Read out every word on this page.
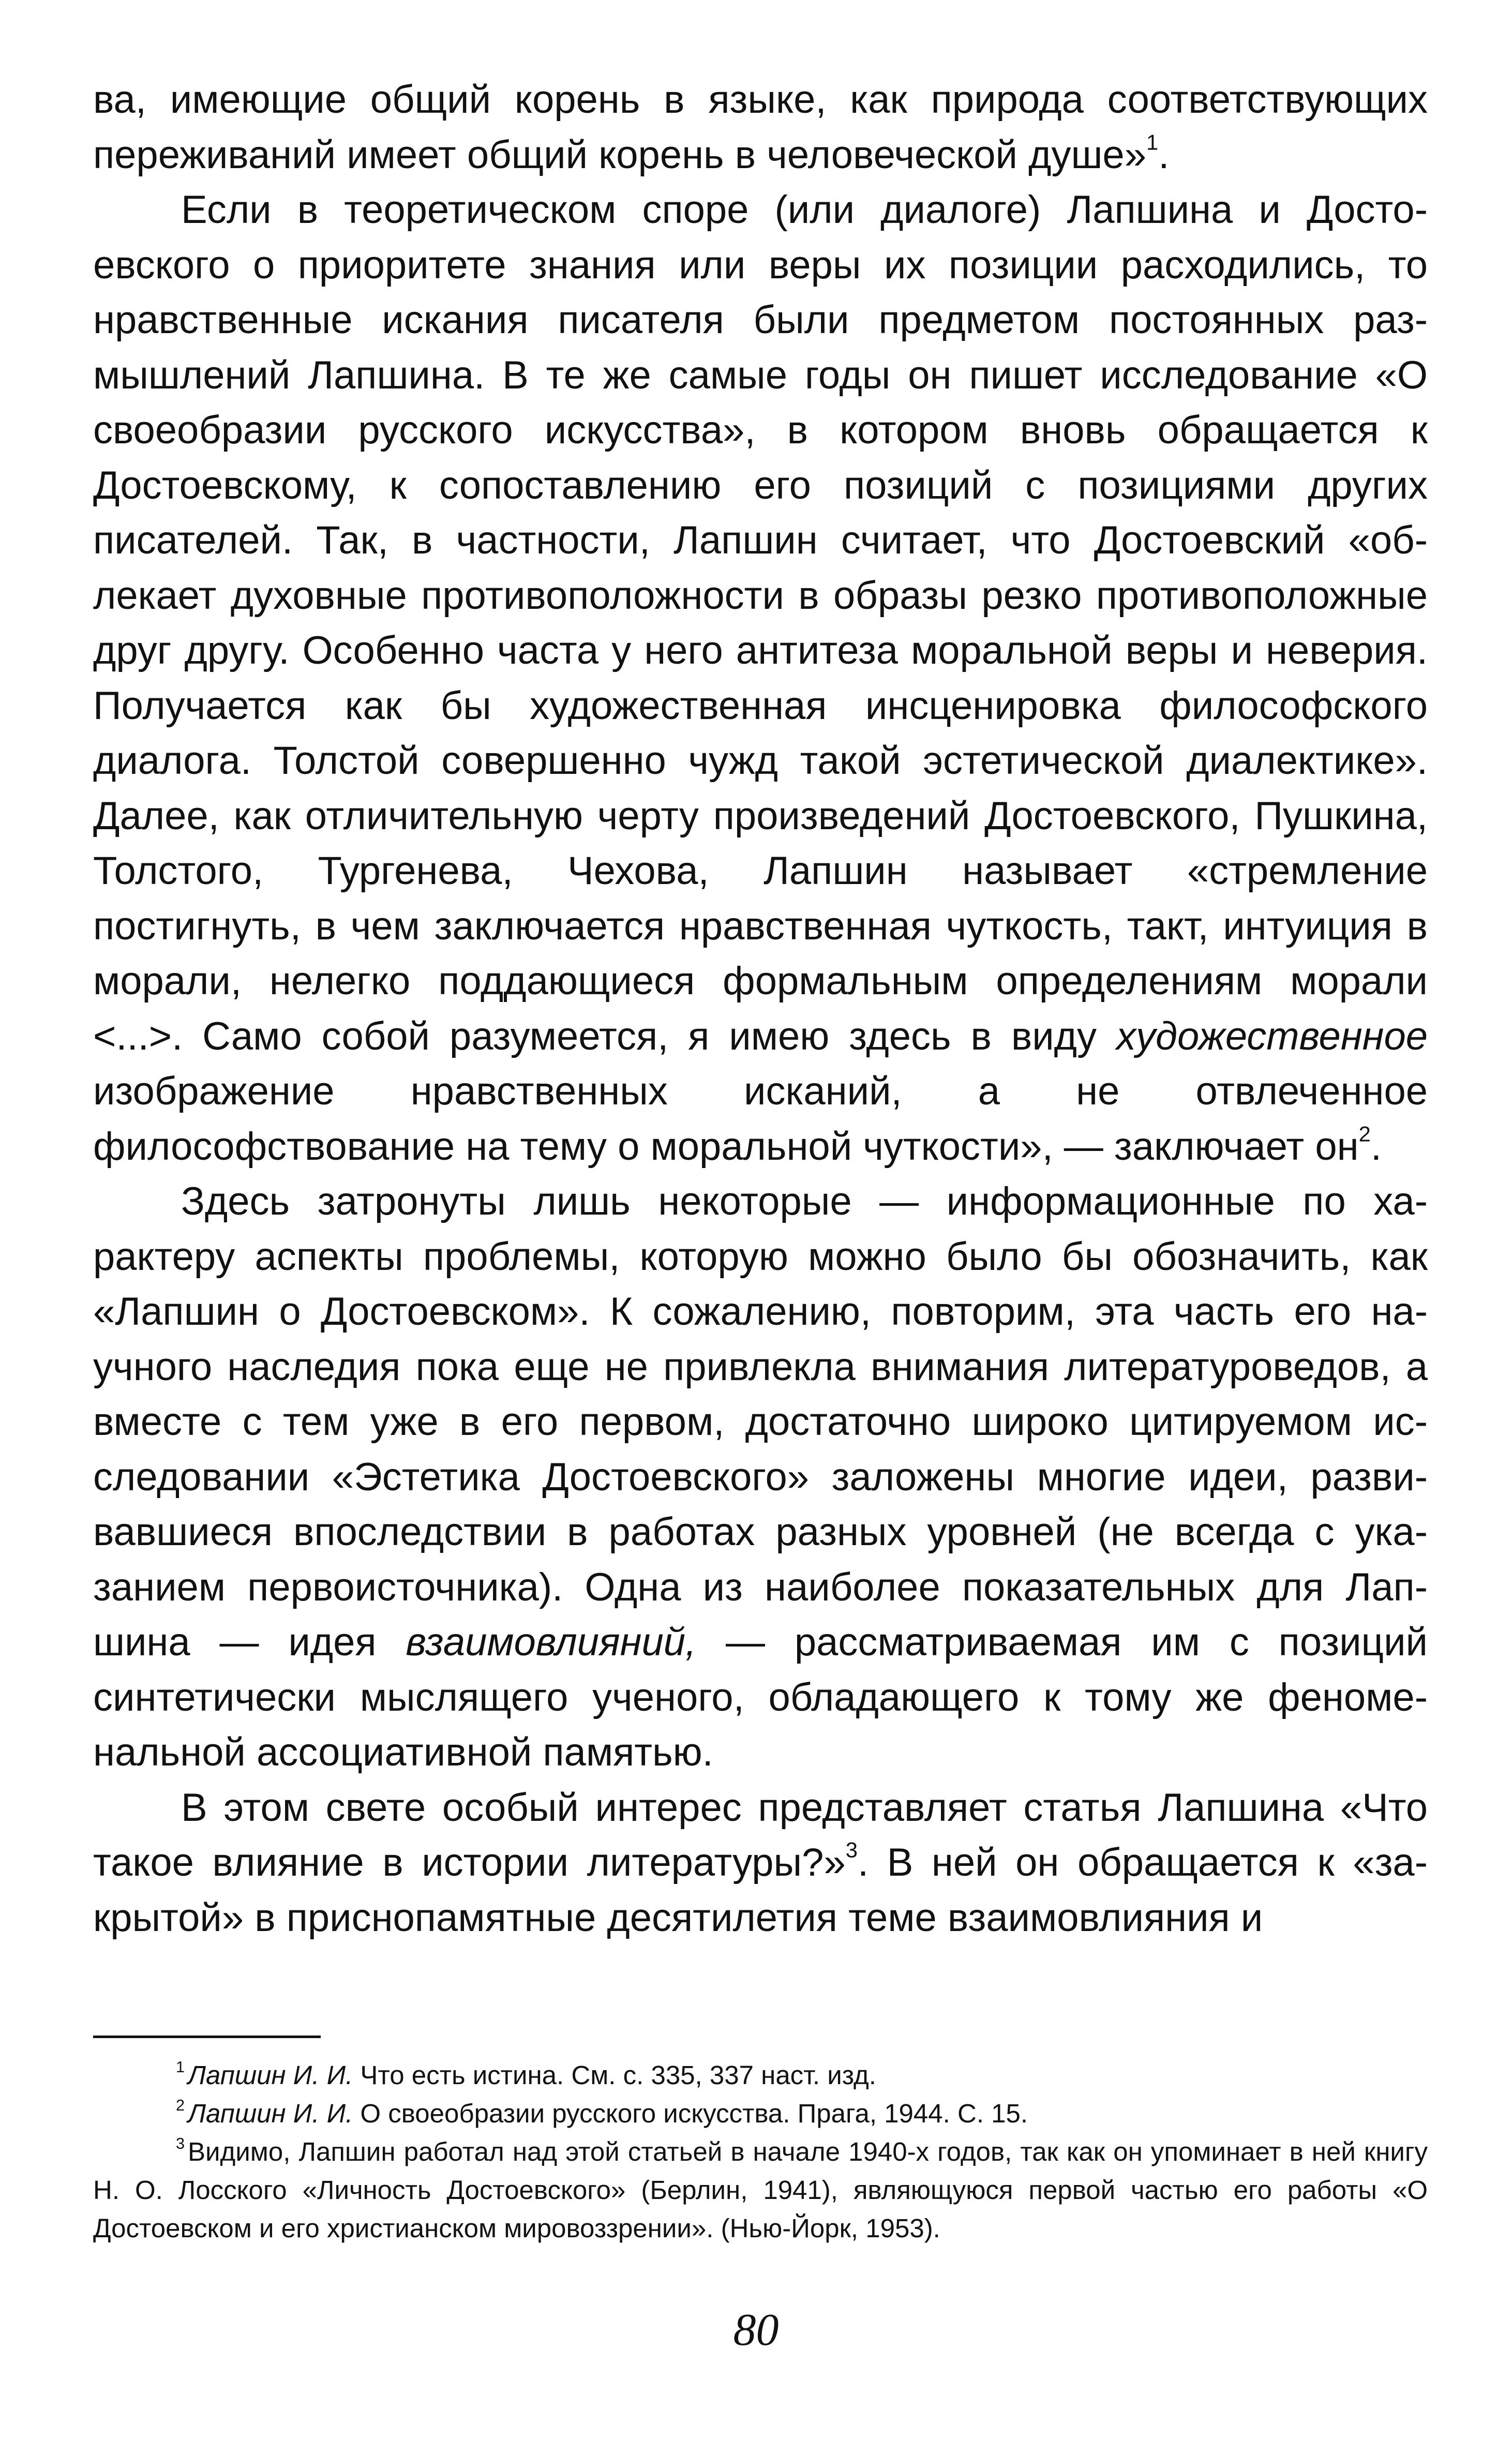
ва, имеющие общий корень в языке, как природа соответствующих переживаний имеет общий корень в человеческой душе»$^1$.

Если в теоретическом споре (или диалоге) Лапшина и Достоевского о приоритете знания или веры их позиции расходились, то нравственные искания писателя были предметом постоянных размышлений Лапшина. В те же самые годы он пишет исследование «О своеобразии русского искусства», в котором вновь обращается к Достоевскому, к сопоставлению его позиций с позициями других писателей. Так, в частности, Лапшин считает, что Достоевский «облекает духовные противоположности в образы резко противоположные друг другу. Особенно часта у него антитеза моральной веры и неверия. Получается как бы художественная инсценировка философского диалога. Толстой совершенно чужд такой эстетической диалектике». Далее, как отличительную черту произведений Достоевского, Пушкина, Толстого, Тургенева, Чехова, Лапшин называет «стремление постигнуть, в чем заключается нравственная чуткость, такт, интуиция в морали, нелегко поддающиеся формальным определениям морали <...>. Само собой разумеется, я имею здесь в виду художественное изображение нравственных исканий, а не отвлеченное философствование на тему о моральной чуткости», — заключает $он^2$.

Здесь затронуты лишь некоторые — информационные по характеру аспекты проблемы, которую можно было бы обозначить, как «Лапшин о Достоевском». К сожалению, повторим, эта часть его научного наследия пока еще не привлекла внимания литературоведов, а вместе с тем уже в его первом, достаточно широко цитируемом исследовании «Эстетика Достоевского» заложены многие идеи, развивавшиеся впоследствии в работах разных уровней (не всегда с указанием первоисточника). Одна из наиболее показательных для Лапшина — идея взаимовлияний, — рассматриваемая им с позиций синтетически мыслящего ученого, обладающего к тому же феноменальной ассоциативной памятью.

В этом свете особый интерес представляет статья Лапшина «Что такое влияние в истории литературы?»$^3$. В ней он обращается к «закрытой» в приснопамятные десятилетия теме взаимовлияния и

$^1$ Лапшин И. И. Что есть истина. См. с. 335, 337 наст. изд.

$^2$ Лапшин И. И. О своеобразии русского искусства. Прага, 1944. С. 15.

$^3$ Видимо, Лапшин работал над этой статьей в начале 1940-х годов, так как он упоминает в ней книгу Н. О. Лосского «Личность Достоевского» (Берлин, 1941), являющуюся первой частью его работы «О Достоевском и его христианском мировоззрении». (Нью-Йорк, 1953).

80
